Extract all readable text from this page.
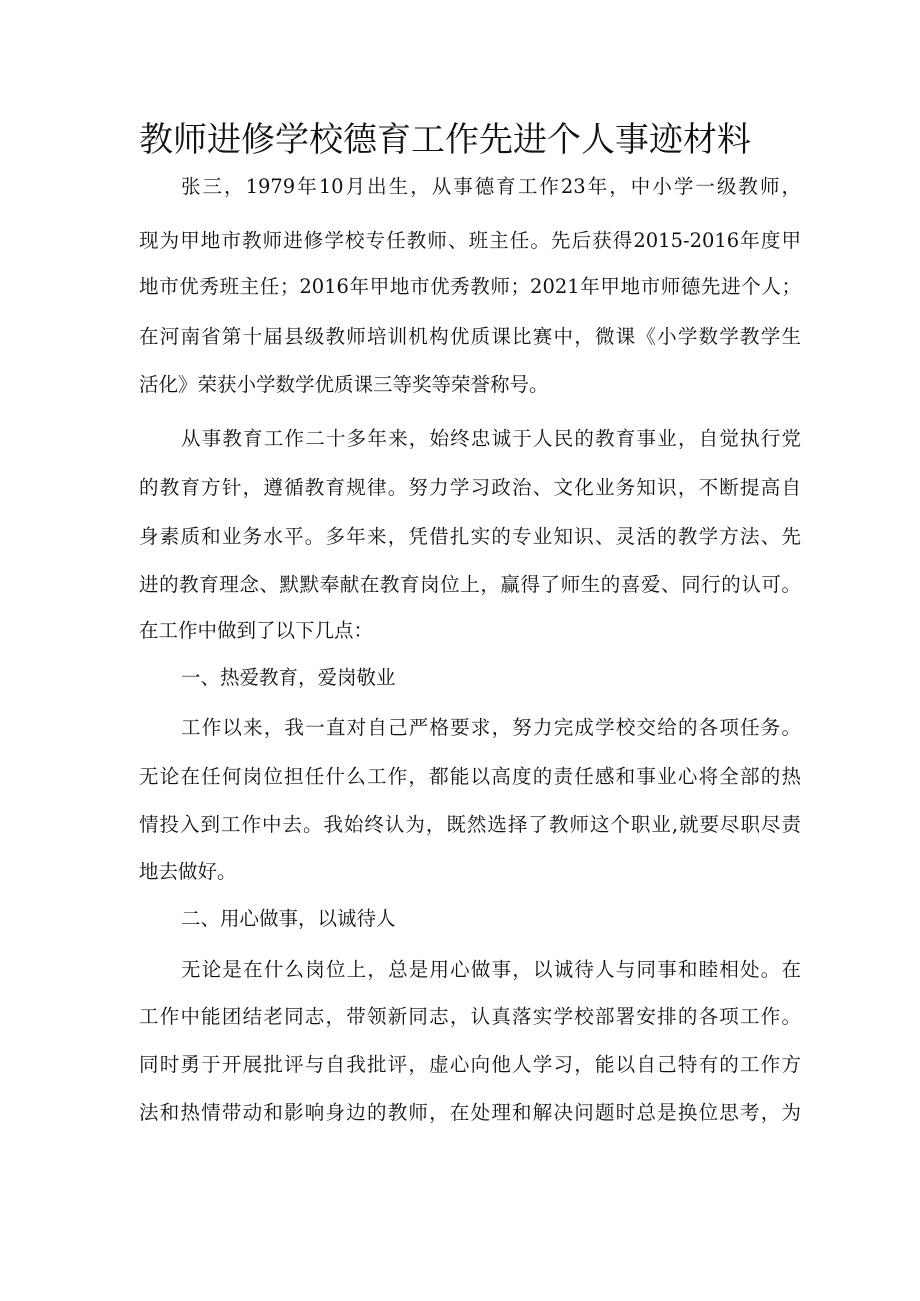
教师进修学校德育工作先进个人事迹材料

张三，1979年10月出生，从事德育工作23年，中小学一级教师，

现为甲地市教师进修学校专任教师、班主任。先后获得2015-2016年度甲

地市优秀班主任；2016年甲地市优秀教师；2021年甲地市师德先进个人；

在河南省第十届县级教师培训机构优质课比赛中，微课《小学数学教学生

活化》荣获小学数学优质课三等奖等荣誉称号。

从事教育工作二十多年来，始终忠诚于人民的教育事业，自觉执行党

的教育方针，遵循教育规律。努力学习政治、文化业务知识，不断提高自

身素质和业务水平。多年来，凭借扎实的专业知识、灵活的教学方法、先

进的教育理念、默默奉献在教育岗位上，赢得了师生的喜爱、同行的认可。

在工作中做到了以下几点：

一、热爱教育，爱岗敬业

工作以来，我一直对自己严格要求，努力完成学校交给的各项任务。

无论在任何岗位担任什么工作，都能以高度的责任感和事业心将全部的热

情投入到工作中去。我始终认为，既然选择了教师这个职业,就要尽职尽责

地去做好。

二、用心做事，以诚待人

无论是在什么岗位上，总是用心做事，以诚待人与同事和睦相处。在

工作中能团结老同志，带领新同志，认真落实学校部署安排的各项工作。

同时勇于开展批评与自我批评，虚心向他人学习，能以自己特有的工作方

法和热情带动和影响身边的教师，在处理和解决问题时总是换位思考，为
